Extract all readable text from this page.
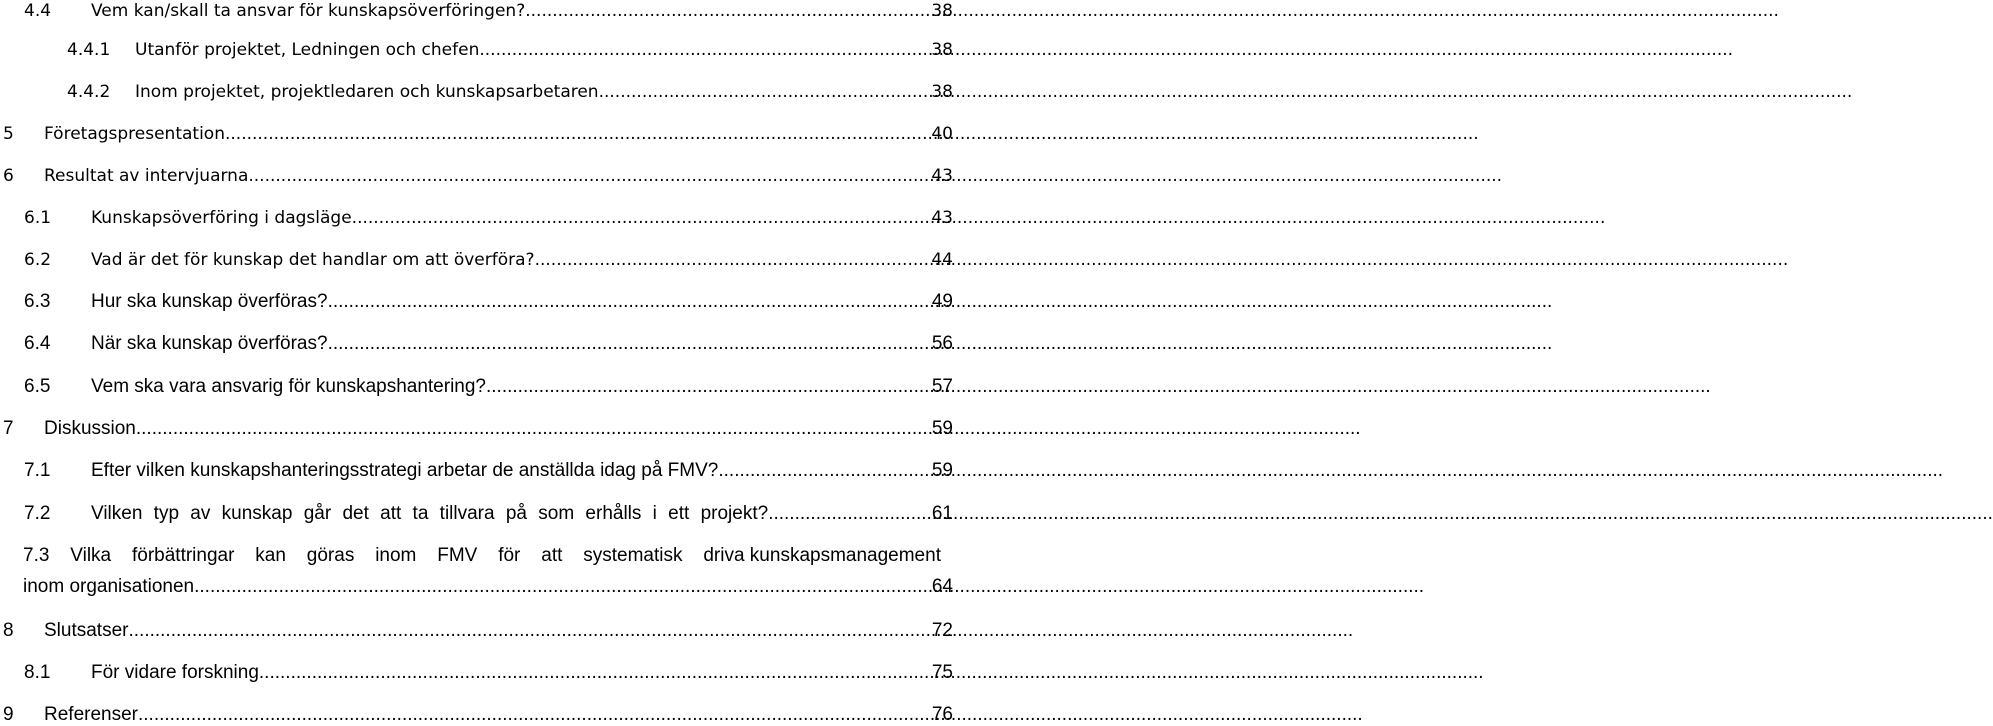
4.4	Vem kan/skall ta ansvar för kunskapsöverföringen? .....	38
4.4.1	Utanför projektet, Ledningen och chefen .....	38
4.4.2	Inom projektet, projektledaren och kunskapsarbetaren .....	38
5	Företagspresentation .....	40
6	Resultat av intervjuarna .....	43
6.1	Kunskapsöverföring i dagsläge .....	43
6.2	Vad är det för kunskap det handlar om att överföra? .....	44
6.3	Hur ska kunskap överföras? .....	49
6.4	När ska kunskap överföras? .....	56
6.5	Vem ska vara ansvarig för kunskapshantering? .....	57
7	Diskussion .....	59
7.1	Efter vilken kunskapshanteringsstrategi arbetar de anställda idag på FMV? .....	59
7.2	Vilken typ av kunskap går det att ta tillvara på som erhålls i ett projekt? .....	61
7.3 Vilka förbättringar kan göras inom FMV för att systematisk driva kunskapsmanagement
inom organisationen. .....	64
8	Slutsatser .....	72
8.1	För vidare forskning .....	75
9	Referenser .....	76
